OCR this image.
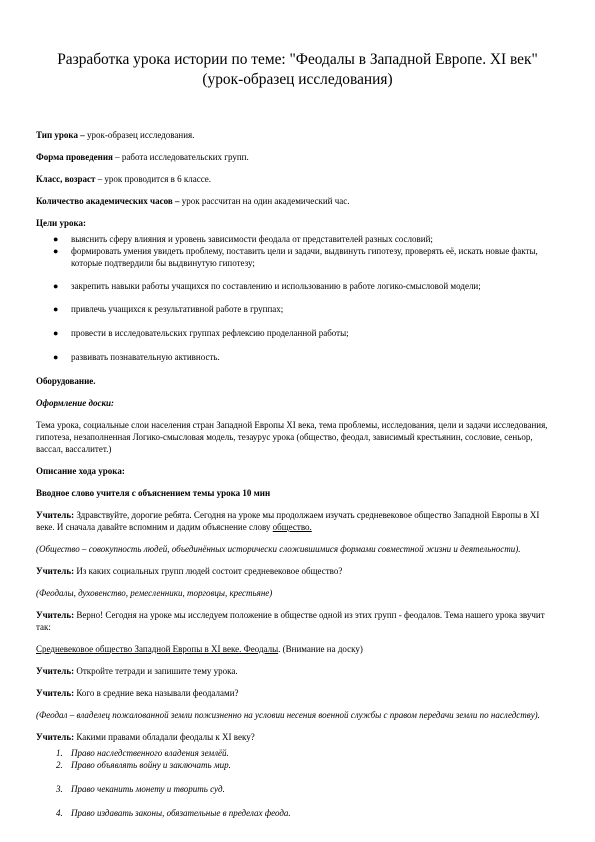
Разработка урока истории по теме: "Феодалы в Западной Европе. XI век"
(урок-образец исследования)

Тип урока – урок-образец исследования.

Форма проведения – работа исследовательских групп.

Класс, возраст – урок проводится в 6 классе.

Количество академических часов – урок рассчитан на один академический час.

Цели урока:

● выяснить сферу влияния и уровень зависимости феодала от представителей разных сословий;
● формировать умения увидеть проблему, поставить цели и задачи, выдвинуть гипотезу, проверять её, искать новые факты, которые подтвердили бы выдвинутую гипотезу;
● закрепить навыки работы учащихся по составлению и использованию в работе логико-смысловой модели;
● привлечь учащихся к результативной работе в группах;
● провести в исследовательских группах рефлексию проделанной работы;
● развивать познавательную активность.

Оборудование.

Оформление доски:

Тема урока, социальные слои населения стран Западной Европы XI века, тема проблемы, исследования, цели и задачи исследования, гипотеза, незаполненная Логико-смысловая модель, тезаурус урока (общество, феодал, зависимый крестьянин, сословие, сеньор, вассал, вассалитет.)

Описание хода урока:

Вводное слово учителя с объяснением темы урока 10 мин

Учитель: Здравствуйте, дорогие ребята. Сегодня на уроке мы продолжаем изучать средневековое общество Западной Европы в XI веке. И сначала давайте вспомним и дадим объяснение слову общество.

(Общество – совокупность людей, объединённых исторически сложившимися формами совместной жизни и деятельности).

Учитель: Из каких социальных групп людей состоит средневековое общество?

(Феодалы, духовенство, ремесленники, торговцы, крестьяне)

Учитель: Верно! Сегодня на уроке мы исследуем положение в обществе одной из этих групп - феодалов. Тема нашего урока звучит так:

Средневековое общество Западной Европы в XI веке. Феодалы. (Внимание на доску)

Учитель: Откройте тетради и запишите тему урока.

Учитель: Кого в средние века называли феодалами?

(Феодал – владелец пожалованной земли пожизненно на условии несения военной службы с правом передачи земли по наследству).

Учитель: Какими правами обладали феодалы к XI веку?

1. Право наследственного владения землёй.
2. Право объявлять войну и заключать мир.
3. Право чеканить монету и творить суд.
4. Право издавать законы, обязательные в пределах феода.
